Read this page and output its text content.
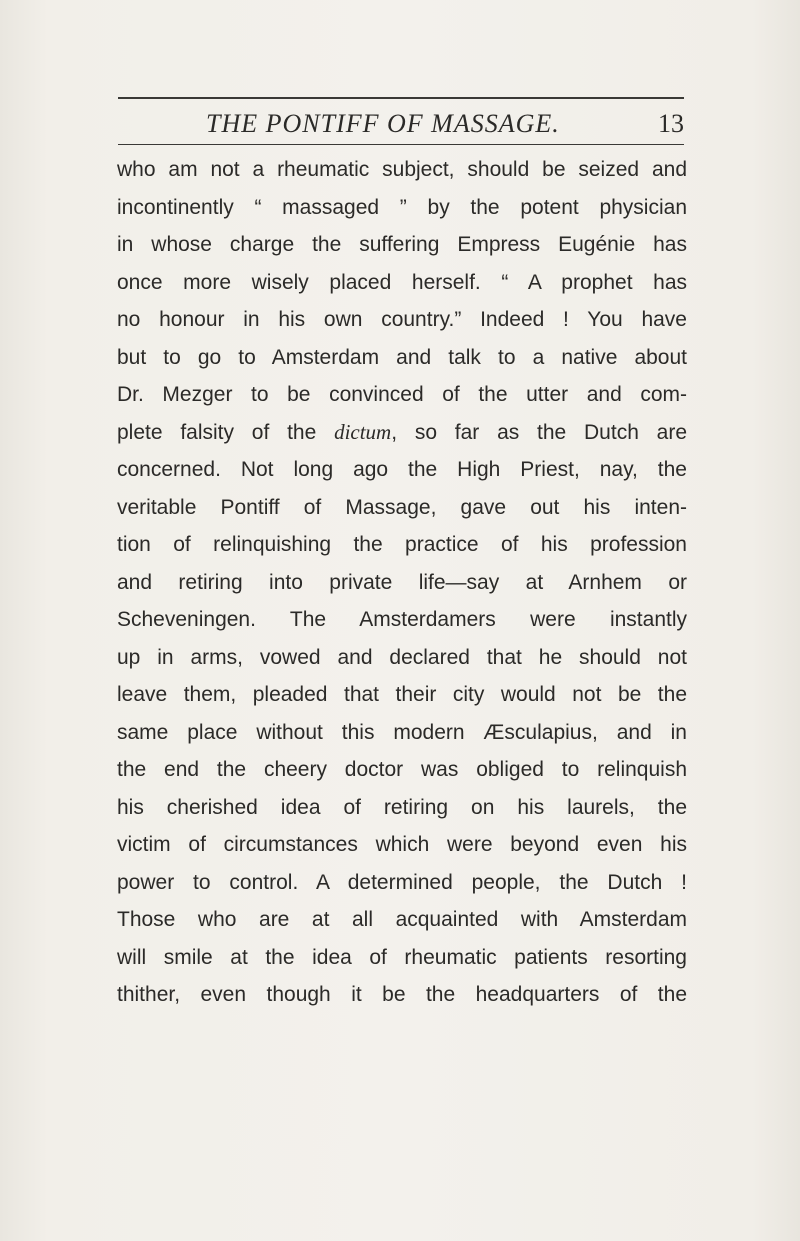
THE PONTIFF OF MASSAGE.	13
who am not a rheumatic subject, should be seized and
incontinently “ massaged ” by the potent physician
in whose charge the suffering Empress Eugénie has
once more wisely placed herself. “ A prophet has
no honour in his own country.” Indeed ! You have
but to go to Amsterdam and talk to a native about
Dr. Mezger to be convinced of the utter and com-
plete falsity of the dictum, so far as the Dutch are
concerned. Not long ago the High Priest, nay, the
veritable Pontiff of Massage, gave out his inten-
tion of relinquishing the practice of his profession
and retiring into private life—say at Arnhem or
Scheveningen. The Amsterdamers were instantly
up in arms, vowed and declared that he should not
leave them, pleaded that their city would not be the
same place without this modern Æsculapius, and in
the end the cheery doctor was obliged to relinquish
his cherished idea of retiring on his laurels, the
victim of circumstances which were beyond even his
power to control. A determined people, the Dutch !
Those who are at all acquainted with Amsterdam
will smile at the idea of rheumatic patients resorting
thither, even though it be the headquarters of the
